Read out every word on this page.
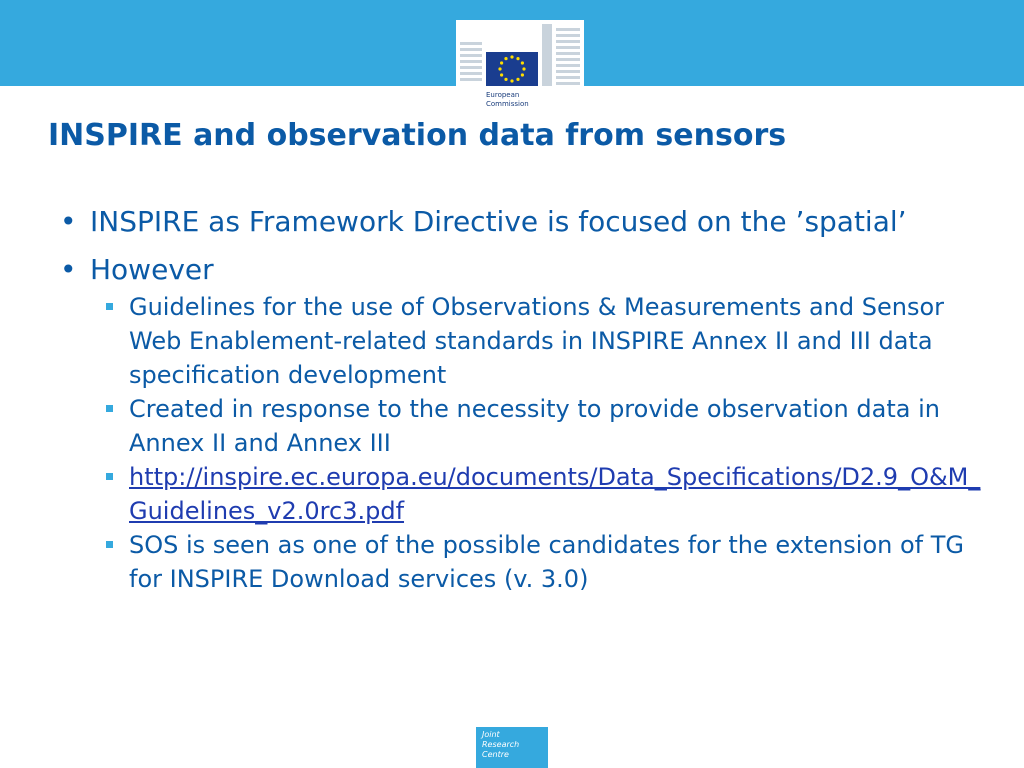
European
Commission
INSPIRE and observation data from sensors
• INSPIRE as Framework Directive is focused on the ’spatial’
• However
Guidelines for the use of Observations & Measurements and Sensor Web Enablement-related standards in INSPIRE Annex II and III data specification development
Created in response to the necessity to provide observation data in Annex II and Annex III
http://inspire.ec.europa.eu/documents/Data_Specifications/D2.9_O&M_Guidelines_v2.0rc3.pdf
SOS is seen as one of the possible candidates for the extension of TG for INSPIRE Download services (v. 3.0)
Joint
Research
Centre
